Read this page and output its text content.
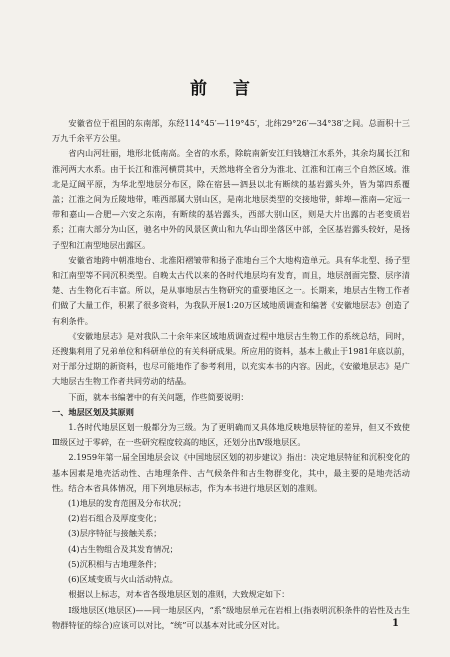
前 言

安徽省位于祖国的东南部，东经114°45′—119°45′，北纬29°26′—34°38′之间。总面积十三万九千余平方公里。

省内山河壮丽，地形北低南高。全省的水系，除皖南新安江归钱塘江水系外，其余均属长江和淮河两大水系。由于长江和淮河横贯其中，天然地将全省分为淮北、江淮和江南三个自然区域。淮北是辽阔平原，为华北型地层分布区，除在宿县—泗县以北有断续的基岩露头外，皆为第四系覆盖；江淮之间为丘陵地带，唯西部属大别山区，是南北地层类型的交接地带，蚌埠—淮南—定远一带和嘉山—合肥—六安之东南，有断续的基岩露头，西部大别山区，则是大片出露的古老变质岩系；江南大部分为山区，驰名中外的风景区黄山和九华山即坐落区中部，全区基岩露头较好，是扬子型和江南型地层出露区。

安徽省地跨中朝准地台、北淮阳褶皱带和扬子准地台三个大地构造单元。具有华北型、扬子型和江南型等不同沉积类型。自晚太古代以来的各时代地层均有发育，而且，地层剖面完整、层序清楚、古生物化石丰富。所以，是从事地层古生物研究的重要地区之一。长期来，地层古生物工作者们做了大量工作，积累了很多资料，为我队开展1:20万区域地质调查和编著《安徽地层志》创造了有利条件。

《安徽地层志》是对我队二十余年来区域地质调查过程中地层古生物工作的系统总结，同时，还搜集利用了兄弟单位和科研单位的有关科研成果。所应用的资料，基本上截止于1981年底以前，对于部分过期的新资料，也尽可能地作了参考利用，以充实本书的内容。因此，《安徽地层志》是广大地层古生物工作者共同劳动的结晶。

下面，就本书编著中的有关问题，作些简要说明：

一、地层区划及其原则

1.各时代地层区划一般都分为三级。为了更明确而又具体地反映地层特征的差异，但又不致使Ⅲ级区过于零碎，在一些研究程度较高的地区，还划分出Ⅳ级地层区。

2.1959年第一届全国地层会议《中国地层区划的初步建议》指出：决定地层特征和沉积变化的基本因素是地壳活动性、古地理条件、古气候条件和古生物群变化，其中，最主要的是地壳活动性。结合本省具体情况，用下列地层标志，作为本书进行地层区划的准则。

(1)地层的发育范围及分布状况；

(2)岩石组合及厚度变化；

(3)层序特征与接触关系；

(4)古生物组合及其发育情况；

(5)沉积相与古地理条件；

(6)区域变质与火山活动特点。

根据以上标志，对本省各级地层区划的准则，大致规定如下：

Ⅰ级地层区(地层区)——同一地层区内，“系”级地层单元在岩相上(指表明沉积条件的岩性及古生物群特征的综合)应该可以对比，“统”可以基本对比或分区对比。	1
